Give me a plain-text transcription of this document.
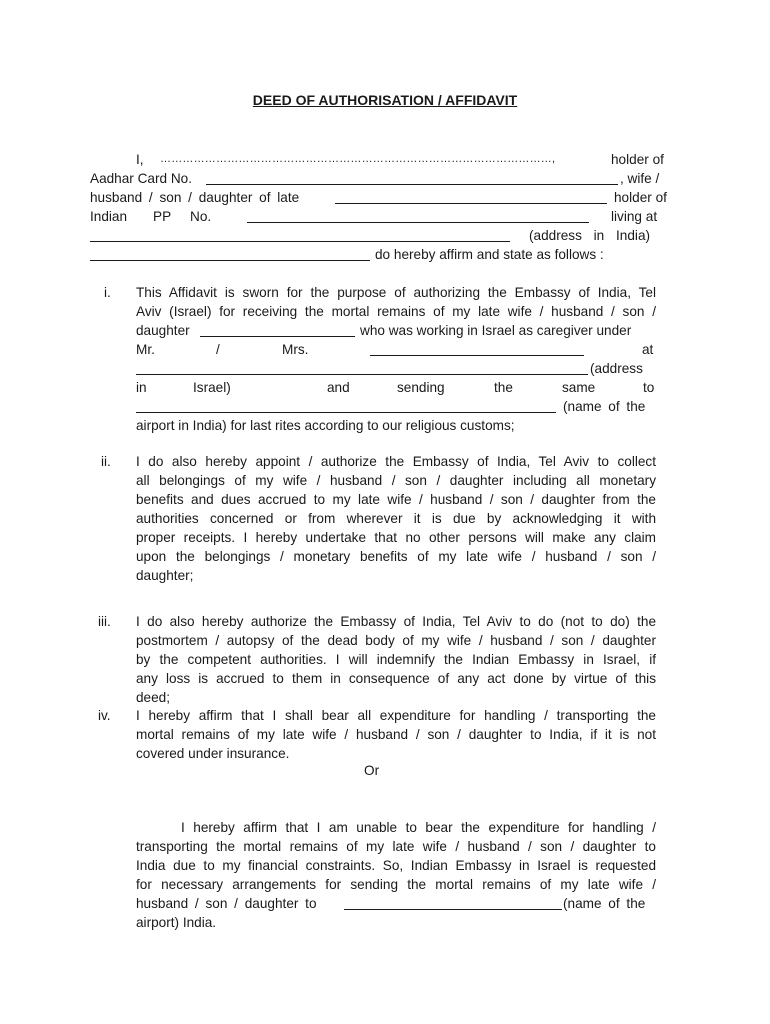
DEED OF AUTHORISATION / AFFIDAVIT
I, ……………………………………………………………………………………………,	holder of
Aadhar Card No.	, wife /
husband / son / daughter of late	holder of
Indian PP No.	living at
(address in India)
do hereby affirm and state as follows :
i.	This Affidavit is sworn for the purpose of authorizing the Embassy of India, Tel
Aviv (Israel) for receiving the mortal remains of my late wife / husband / son /
daughter	who was working in Israel as caregiver under
Mr.	/	Mrs.	at
(address
in	Israel)	and	sending	the	same	to
(name of the
airport in India) for last rites according to our religious customs;
ii.	I do also hereby appoint / authorize the Embassy of India, Tel Aviv to collect
all belongings of my wife / husband / son / daughter including all monetary
benefits and dues accrued to my late wife / husband / son / daughter from the
authorities concerned or from wherever it is due by acknowledging it with
proper receipts. I hereby undertake that no other persons will make any claim
upon the belongings / monetary benefits of my late wife / husband / son /
daughter;
iii.	I do also hereby authorize the Embassy of India, Tel Aviv to do (not to do) the
postmortem / autopsy of the dead body of my wife / husband / son / daughter
by the competent authorities. I will indemnify the Indian Embassy in Israel, if
any loss is accrued to them in consequence of any act done by virtue of this
deed;
iv.	I hereby affirm that I shall bear all expenditure for handling / transporting the
mortal remains of my late wife / husband / son / daughter to India, if it is not
covered under insurance.
Or
I hereby affirm that I am unable to bear the expenditure for handling /
transporting the mortal remains of my late wife / husband / son / daughter to
India due to my financial constraints. So, Indian Embassy in Israel is requested
for necessary arrangements for sending the mortal remains of my late wife /
husband / son / daughter to	(name of the
airport) India.
